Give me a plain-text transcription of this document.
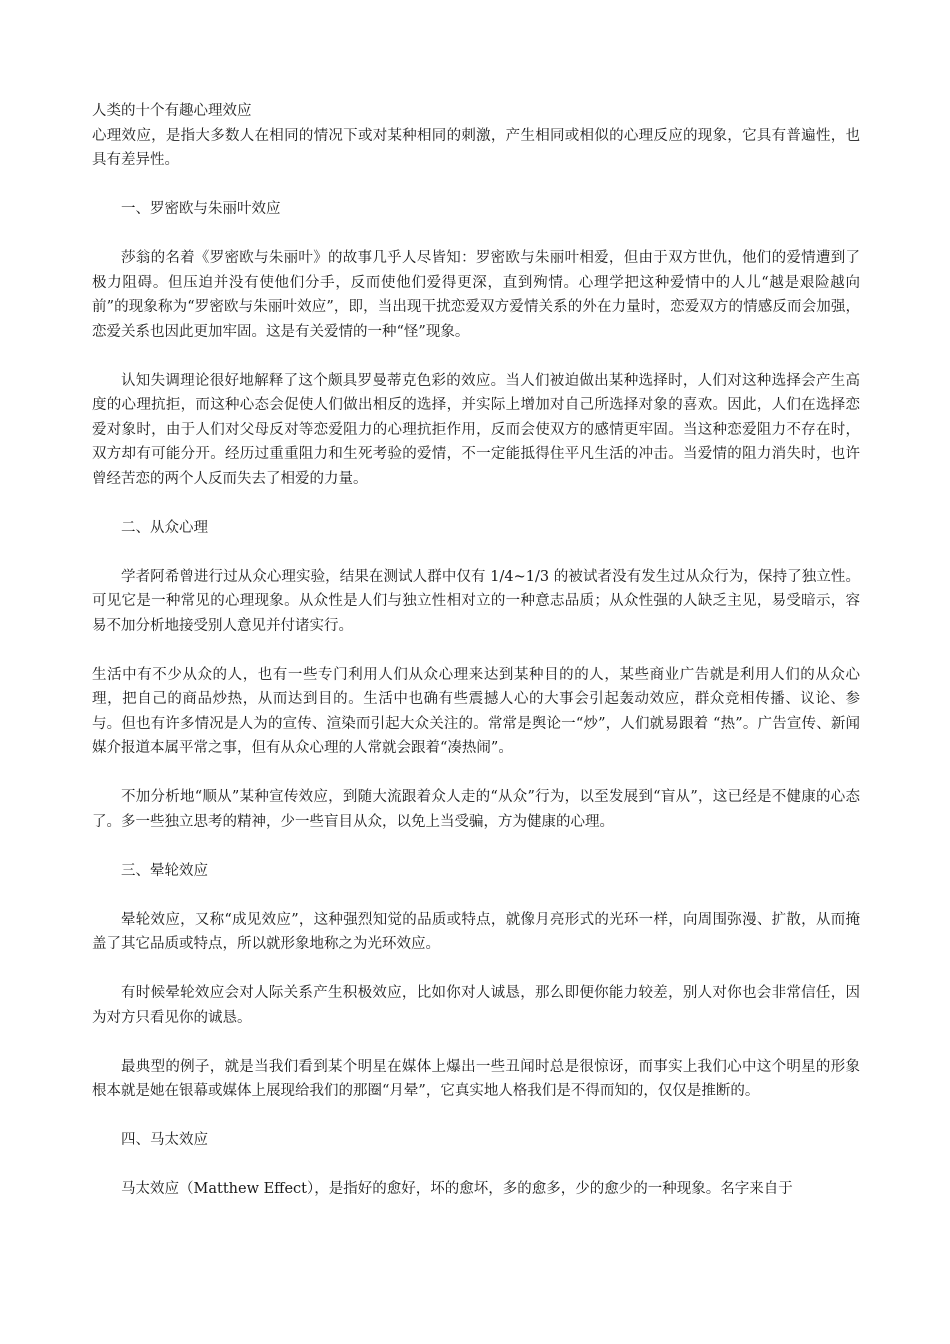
人类的十个有趣心理效应

心理效应，是指大多数人在相同的情况下或对某种相同的刺激，产生相同或相似的心理反应的现象，它具有普遍性，也具有差异性。

一、罗密欧与朱丽叶效应

莎翁的名着《罗密欧与朱丽叶》的故事几乎人尽皆知：罗密欧与朱丽叶相爱，但由于双方世仇，他们的爱情遭到了极力阻碍。但压迫并没有使他们分手，反而使他们爱得更深，直到殉情。心理学把这种爱情中的人儿“越是艰险越向前”的现象称为“罗密欧与朱丽叶效应”，即，当出现干扰恋爱双方爱情关系的外在力量时，恋爱双方的情感反而会加强，恋爱关系也因此更加牢固。这是有关爱情的一种“怪”现象。

认知失调理论很好地解释了这个颇具罗曼蒂克色彩的效应。当人们被迫做出某种选择时，人们对这种选择会产生高度的心理抗拒，而这种心态会促使人们做出相反的选择，并实际上增加对自己所选择对象的喜欢。因此，人们在选择恋爱对象时，由于人们对父母反对等恋爱阻力的心理抗拒作用，反而会使双方的感情更牢固。当这种恋爱阻力不存在时，双方却有可能分开。经历过重重阻力和生死考验的爱情，不一定能抵得住平凡生活的冲击。当爱情的阻力消失时，也许曾经苦恋的两个人反而失去了相爱的力量。

二、从众心理

学者阿希曾进行过从众心理实验，结果在测试人群中仅有 1/4~1/3 的被试者没有发生过从众行为，保持了独立性。可见它是一种常见的心理现象。从众性是人们与独立性相对立的一种意志品质；从众性强的人缺乏主见，易受暗示，容易不加分析地接受别人意见并付诸实行。

生活中有不少从众的人，也有一些专门利用人们从众心理来达到某种目的的人，某些商业广告就是利用人们的从众心理，把自己的商品炒热，从而达到目的。生活中也确有些震撼人心的大事会引起轰动效应，群众竞相传播、议论、参与。但也有许多情况是人为的宣传、渲染而引起大众关注的。常常是舆论一“炒”，人们就易跟着 “热”。广告宣传、新闻媒介报道本属平常之事，但有从众心理的人常就会跟着“凑热闹”。

不加分析地“顺从”某种宣传效应，到随大流跟着众人走的“从众”行为，以至发展到“盲从”，这已经是不健康的心态了。多一些独立思考的精神，少一些盲目从众，以免上当受骗，方为健康的心理。

三、晕轮效应

晕轮效应，又称“成见效应”，这种强烈知觉的品质或特点，就像月亮形式的光环一样，向周围弥漫、扩散，从而掩盖了其它品质或特点，所以就形象地称之为光环效应。

有时候晕轮效应会对人际关系产生积极效应，比如你对人诚恳，那么即便你能力较差，别人对你也会非常信任，因为对方只看见你的诚恳。

最典型的例子，就是当我们看到某个明星在媒体上爆出一些丑闻时总是很惊讶，而事实上我们心中这个明星的形象根本就是她在银幕或媒体上展现给我们的那圈“月晕”，它真实地人格我们是不得而知的，仅仅是推断的。

四、马太效应

马太效应（Matthew Effect），是指好的愈好，坏的愈坏，多的愈多，少的愈少的一种现象。名字来自于
